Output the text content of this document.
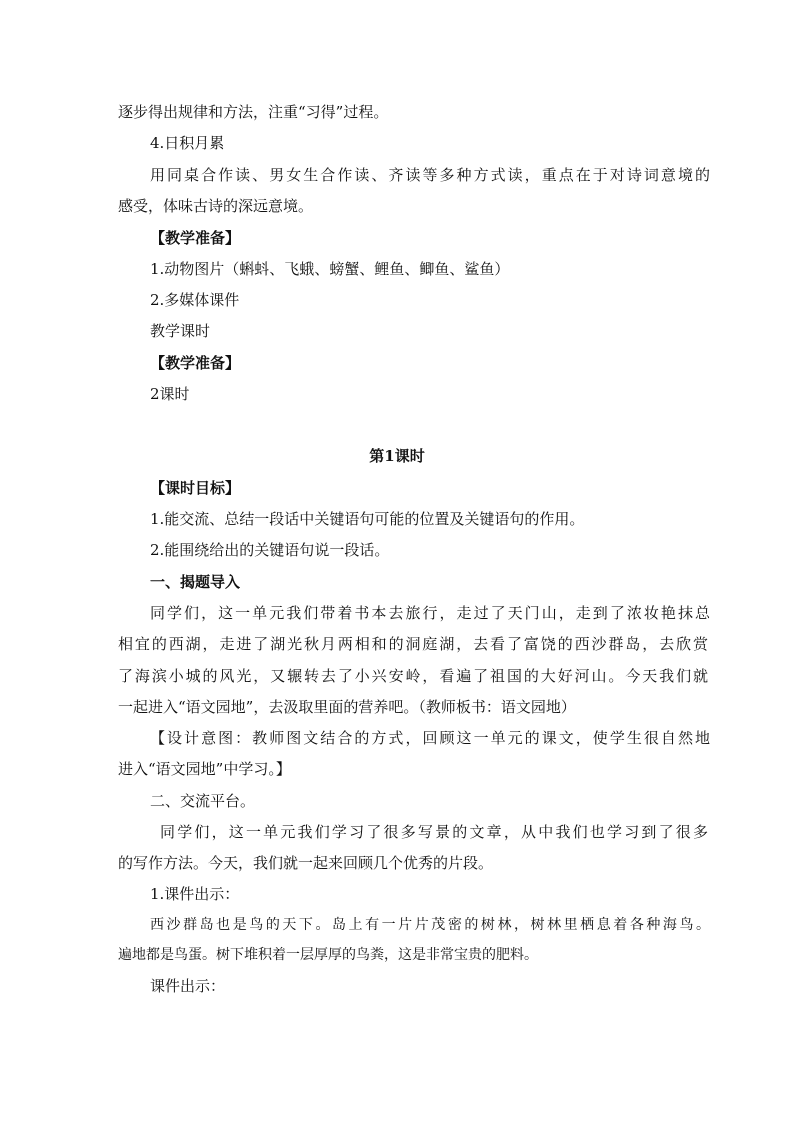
逐步得出规律和方法，注重“习得”过程。
4.日积月累
用同桌合作读、男女生合作读、齐读等多种方式读，重点在于对诗词意境的
感受，体味古诗的深远意境。
【教学准备】
1.动物图片（蝌蚪、飞蛾、螃蟹、鲤鱼、鲫鱼、鲨鱼）
2.多媒体课件
教学课时
【教学准备】
2课时
第1课时
【课时目标】
1.能交流、总结一段话中关键语句可能的位置及关键语句的作用。
2.能围绕给出的关键语句说一段话。
一、揭题导入
同学们，这一单元我们带着书本去旅行，走过了天门山，走到了浓妆艳抹总
相宜的西湖，走进了湖光秋月两相和的洞庭湖，去看了富饶的西沙群岛，去欣赏
了海滨小城的风光，又辗转去了小兴安岭，看遍了祖国的大好河山。今天我们就
一起进入“语文园地”，去汲取里面的营养吧。（教师板书：语文园地）
【设计意图：教师图文结合的方式，回顾这一单元的课文，使学生很自然地
进入“语文园地”中学习。】
二、交流平台。
同学们，这一单元我们学习了很多写景的文章，从中我们也学习到了很多
的写作方法。今天，我们就一起来回顾几个优秀的片段。
1.课件出示：
西沙群岛也是鸟的天下。岛上有一片片茂密的树林，树林里栖息着各种海鸟。
遍地都是鸟蛋。树下堆积着一层厚厚的鸟粪，这是非常宝贵的肥料。
课件出示：
